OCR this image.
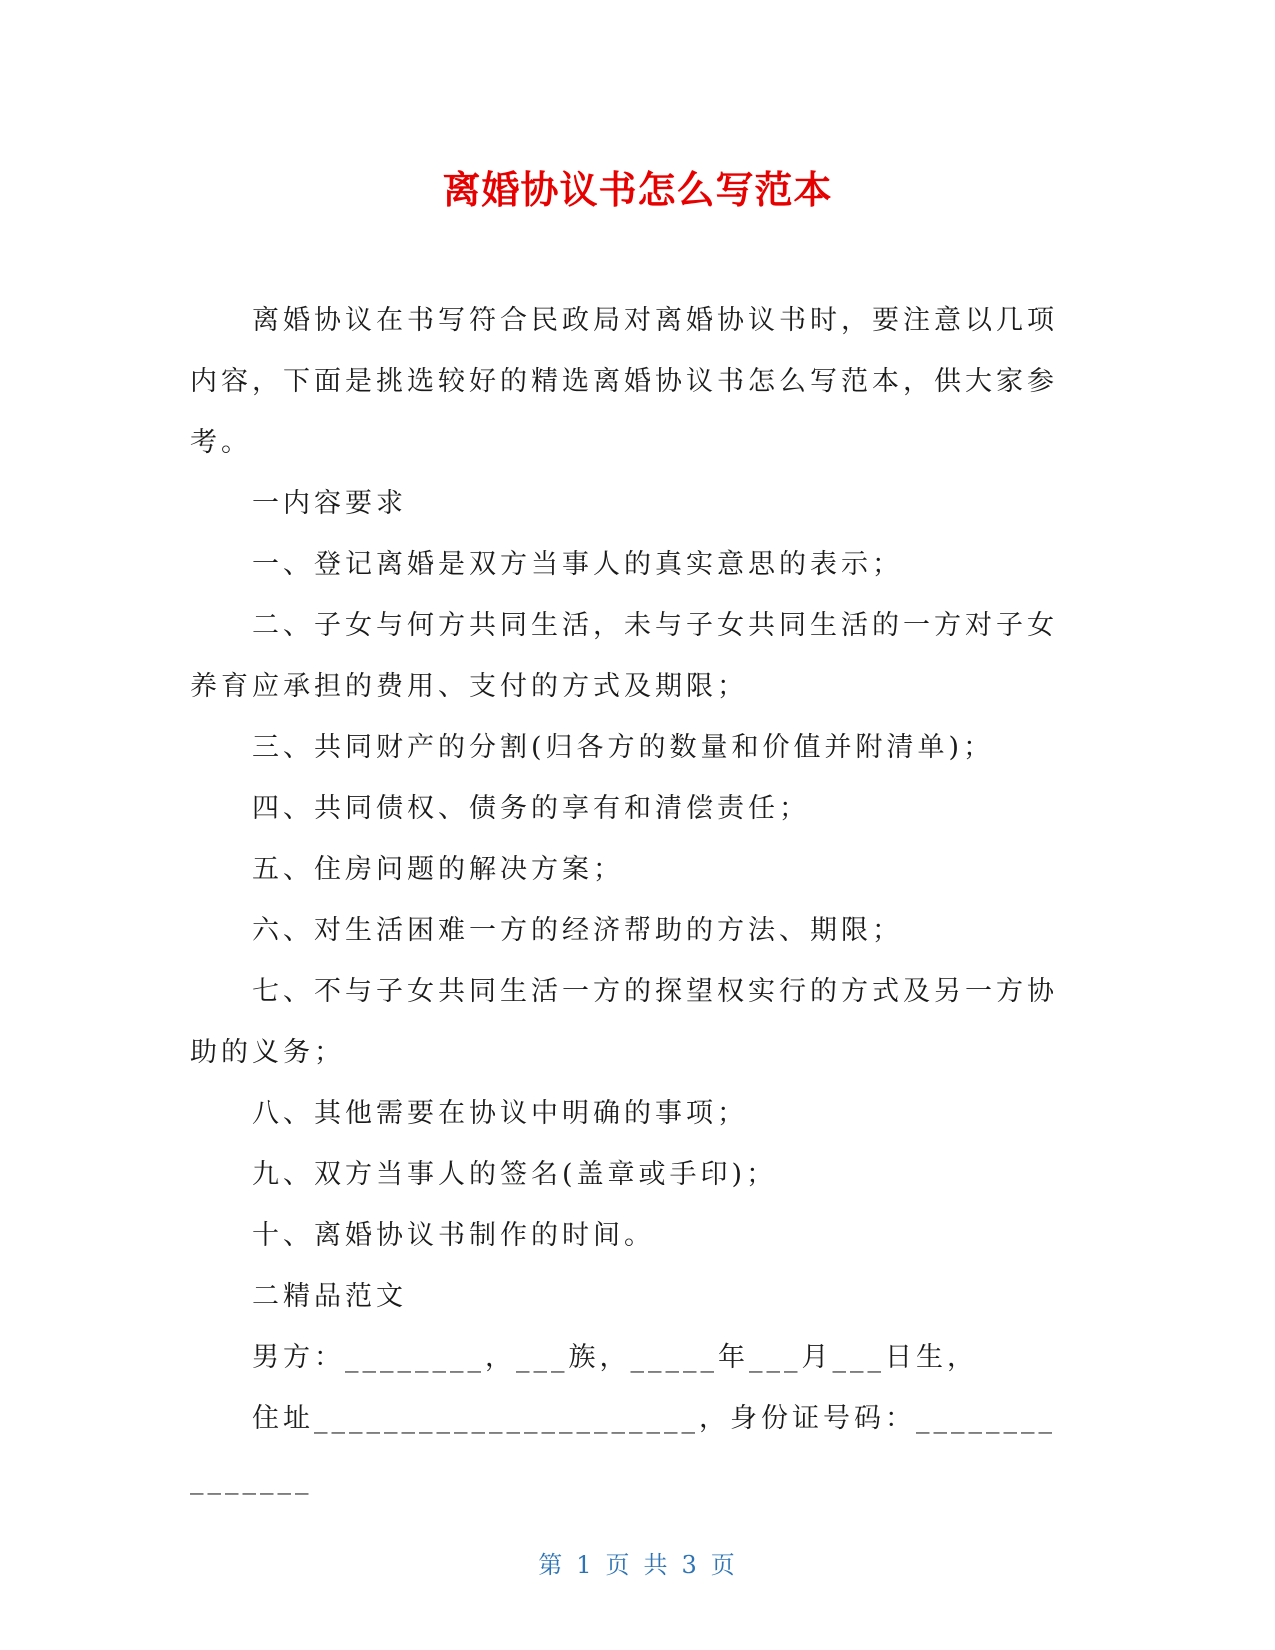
离婚协议书怎么写范本

离婚协议在书写符合民政局对离婚协议书时，要注意以几项内容，下面是挑选较好的精选离婚协议书怎么写范本，供大家参考。

一内容要求

一、登记离婚是双方当事人的真实意思的表示；

二、子女与何方共同生活，未与子女共同生活的一方对子女养育应承担的费用、支付的方式及期限；

三、共同财产的分割(归各方的数量和价值并附清单)；

四、共同债权、债务的享有和清偿责任；

五、住房问题的解决方案；

六、对生活困难一方的经济帮助的方法、期限；

七、不与子女共同生活一方的探望权实行的方式及另一方协助的义务；

八、其他需要在协议中明确的事项；

九、双方当事人的签名(盖章或手印)；

十、离婚协议书制作的时间。

二精品范文

男方：________，___族，_____年___月___日生，

住址______________________，身份证号码：_______________

第 1 页 共 3 页
